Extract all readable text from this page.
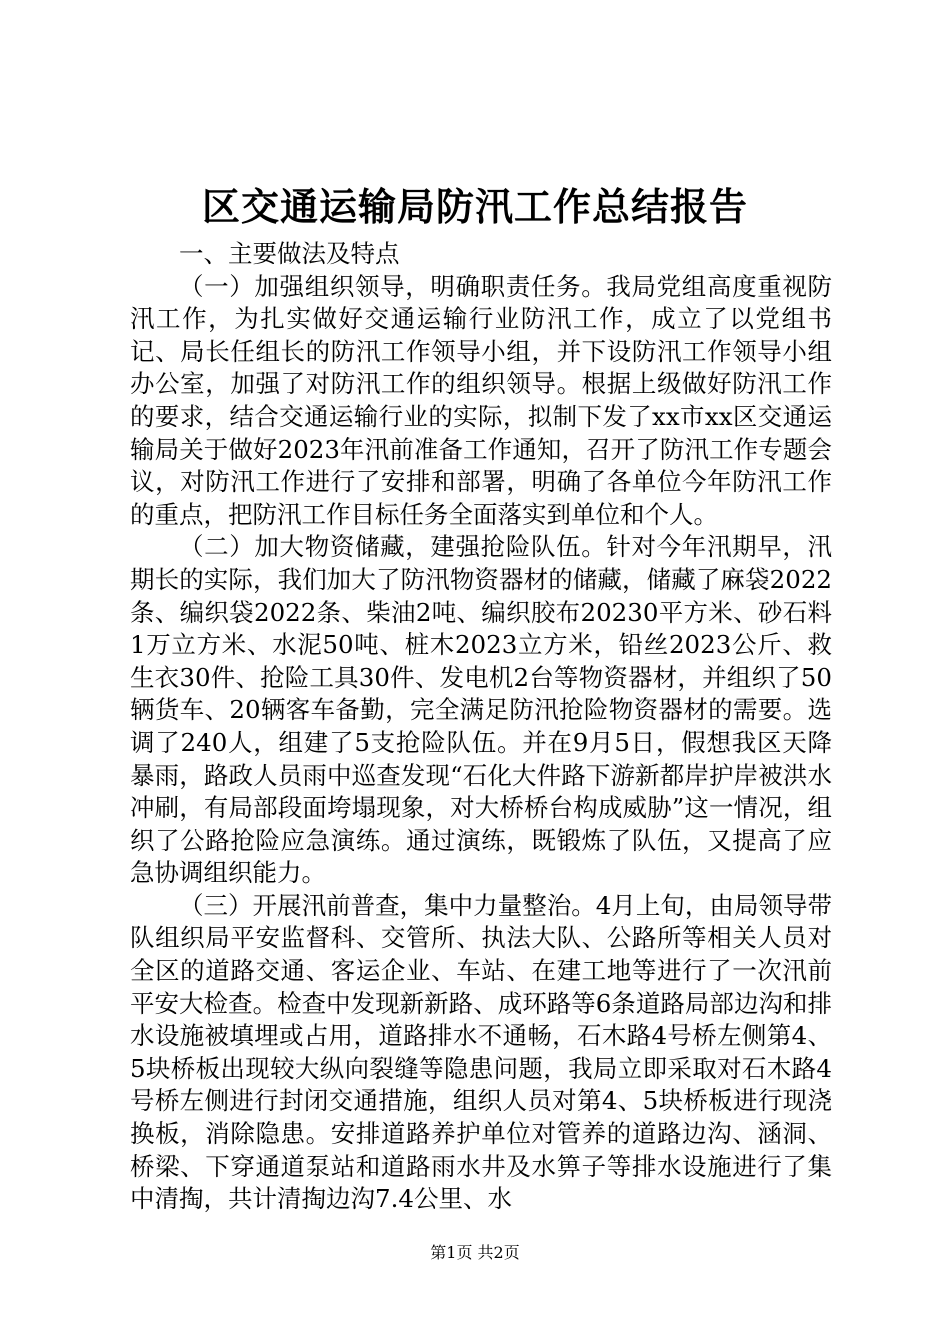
区交通运输局防汛工作总结报告

一、主要做法及特点

（一）加强组织领导，明确职责任务。我局党组高度重视防汛工作，为扎实做好交通运输行业防汛工作，成立了以党组书记、局长任组长的防汛工作领导小组，并下设防汛工作领导小组办公室，加强了对防汛工作的组织领导。根据上级做好防汛工作的要求，结合交通运输行业的实际，拟制下发了xx市xx区交通运输局关于做好2023年汛前准备工作通知，召开了防汛工作专题会议，对防汛工作进行了安排和部署，明确了各单位今年防汛工作的重点，把防汛工作目标任务全面落实到单位和个人。

（二）加大物资储藏，建强抢险队伍。针对今年汛期早，汛期长的实际，我们加大了防汛物资器材的储藏，储藏了麻袋2022条、编织袋2022条、柴油2吨、编织胶布20230平方米、砂石料1万立方米、水泥50吨、桩木2023立方米，铅丝2023公斤、救生衣30件、抢险工具30件、发电机2台等物资器材，并组织了50辆货车、20辆客车备勤，完全满足防汛抢险物资器材的需要。选调了240人，组建了5支抢险队伍。并在9月5日，假想我区天降暴雨，路政人员雨中巡查发现“石化大件路下游新都岸护岸被洪水冲刷，有局部段面垮塌现象，对大桥桥台构成威胁”这一情况，组织了公路抢险应急演练。通过演练，既锻炼了队伍，又提高了应急协调组织能力。

（三）开展汛前普查，集中力量整治。4月上旬，由局领导带队组织局平安监督科、交管所、执法大队、公路所等相关人员对全区的道路交通、客运企业、车站、在建工地等进行了一次汛前平安大检查。检查中发现新新路、成环路等6条道路局部边沟和排水设施被填埋或占用，道路排水不通畅，石木路4号桥左侧第4、5块桥板出现较大纵向裂缝等隐患问题，我局立即采取对石木路4号桥左侧进行封闭交通措施，组织人员对第4、5块桥板进行现浇换板，消除隐患。安排道路养护单位对管养的道路边沟、涵洞、桥梁、下穿通道泵站和道路雨水井及水箅子等排水设施进行了集中清掏，共计清掏边沟7.4公里、水

第1页 共2页
